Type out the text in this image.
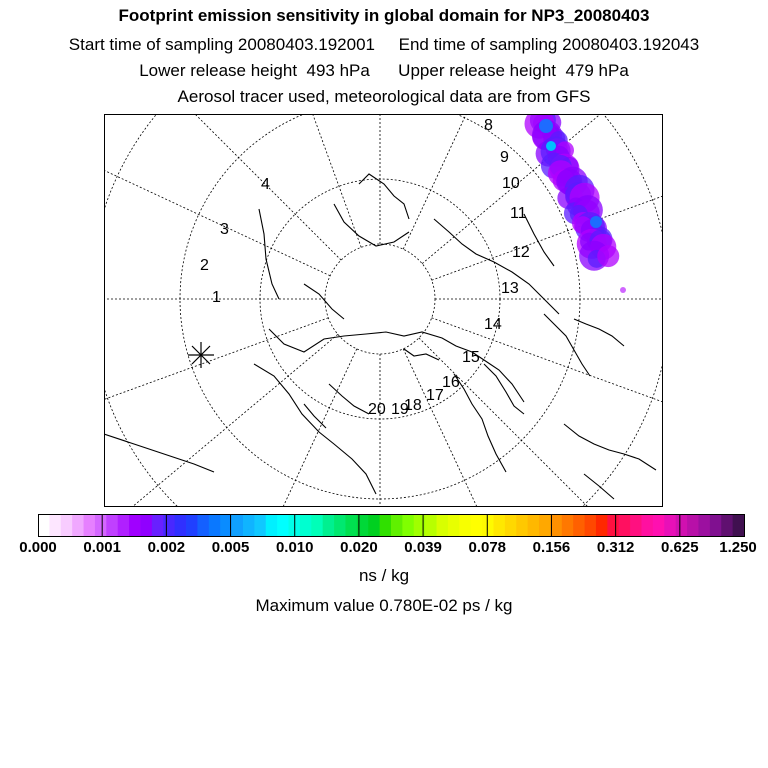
Footprint emission sensitivity in global domain for NP3_20080403
Start time of sampling 20080403.192001 End time of sampling 20080403.192043
Lower release height  493 hPa Upper release height  479 hPa
Aerosol tracer used, meteorological data are from GFS
1
2
3
4
8
9
10
11
12
13
14
15
16
17
18
19
20
0.000 0.001 0.002 0.005 0.010 0.020 0.039 0.078 0.156 0.312 0.625 1.250
ns / kg
Maximum value 0.780E-02 ps / kg
